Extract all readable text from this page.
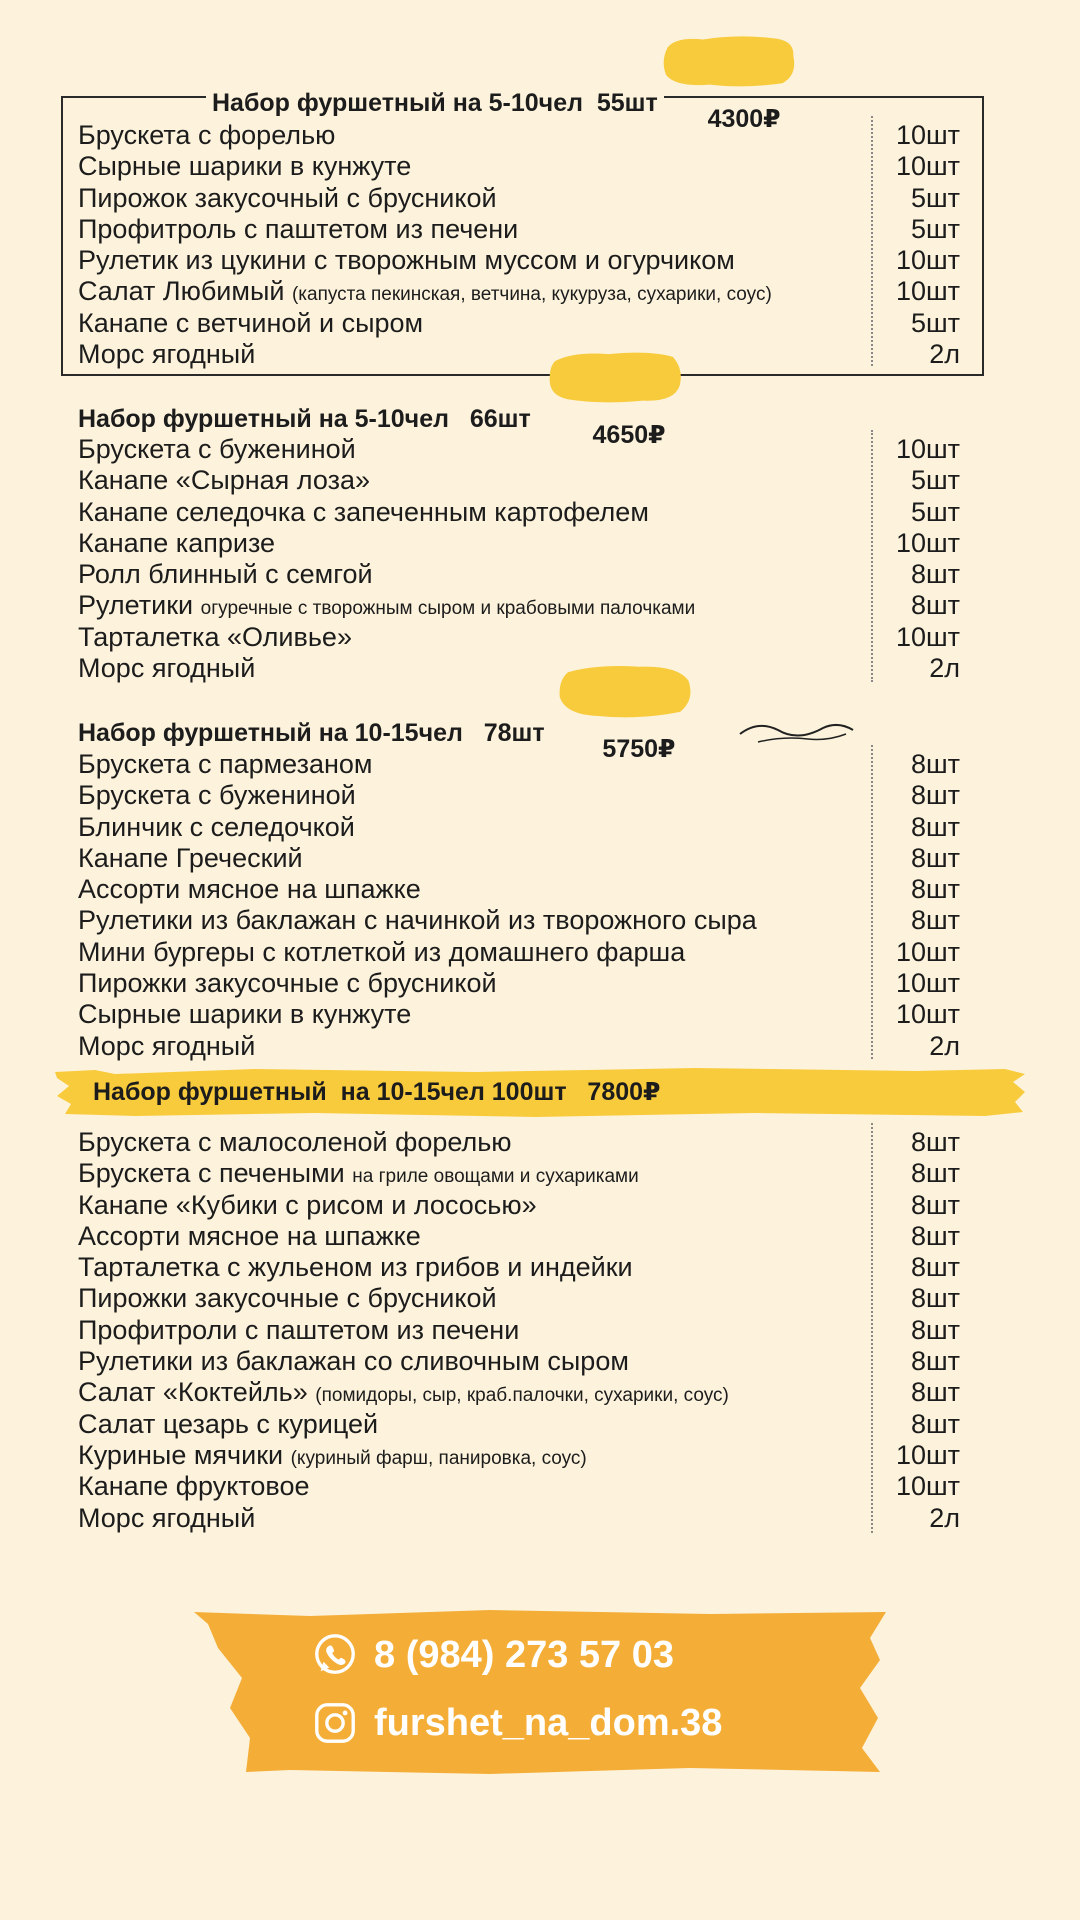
Набор фуршетный на 5-10чел  55шт

4300₽

Брускета с форелью	10шт
Сырные шарики в кунжуте	10шт
Пирожок закусочный с брусникой	5шт
Профитроль с паштетом из печени	5шт
Рулетик из цукини с творожным муссом и огурчиком	10шт
Салат Любимый (капуста пекинская, ветчина, кукуруза, сухарики, соус)	10шт
Канапе с ветчиной и сыром	5шт
Морс ягодный	2л
Набор фуршетный на 5-10чел   66шт

4650₽

Брускета с бужениной	10шт
Канапе «Сырная лоза»	5шт
Канапе селедочка с запеченным картофелем	5шт
Канапе капризе	10шт
Ролл блинный с семгой	8шт
Рулетики огуречные с творожным сыром и крабовыми палочками	8шт
Тарталетка «Оливье»	10шт
Морс ягодный	2л
Набор фуршетный на 10-15чел   78шт

5750₽

Брускета с пармезаном	8шт
Брускета с бужениной	8шт
Блинчик с селедочкой	8шт
Канапе Греческий	8шт
Ассорти мясное на шпажке	8шт
Рулетики из баклажан с начинкой из творожного сыра	8шт
Мини бургеры с котлеткой из домашнего фарша	10шт
Пирожки закусочные с брусникой	10шт
Сырные шарики в кунжуте	10шт
Морс ягодный	2л
Набор фуршетный  на 10-15чел 100шт   7800₽
Брускета с малосоленой форелью	8шт
Брускета с печеными на гриле овощами и сухариками	8шт
Канапе «Кубики с рисом и лососью»	8шт
Ассорти мясное на шпажке	8шт
Тарталетка с жульеном из грибов и индейки	8шт
Пирожки закусочные с брусникой	8шт
Профитроли с паштетом из печени	8шт
Рулетики из баклажан со сливочным сыром	8шт
Салат «Коктейль» (помидоры, сыр, краб.палочки, сухарики, соус)	8шт
Салат цезарь с курицей	8шт
Куриные мячики (куриный фарш, панировка, соус)	10шт
Канапе фруктовое	10шт
Морс ягодный	2л
8 (984) 273 57 03
furshet_na_dom.38
